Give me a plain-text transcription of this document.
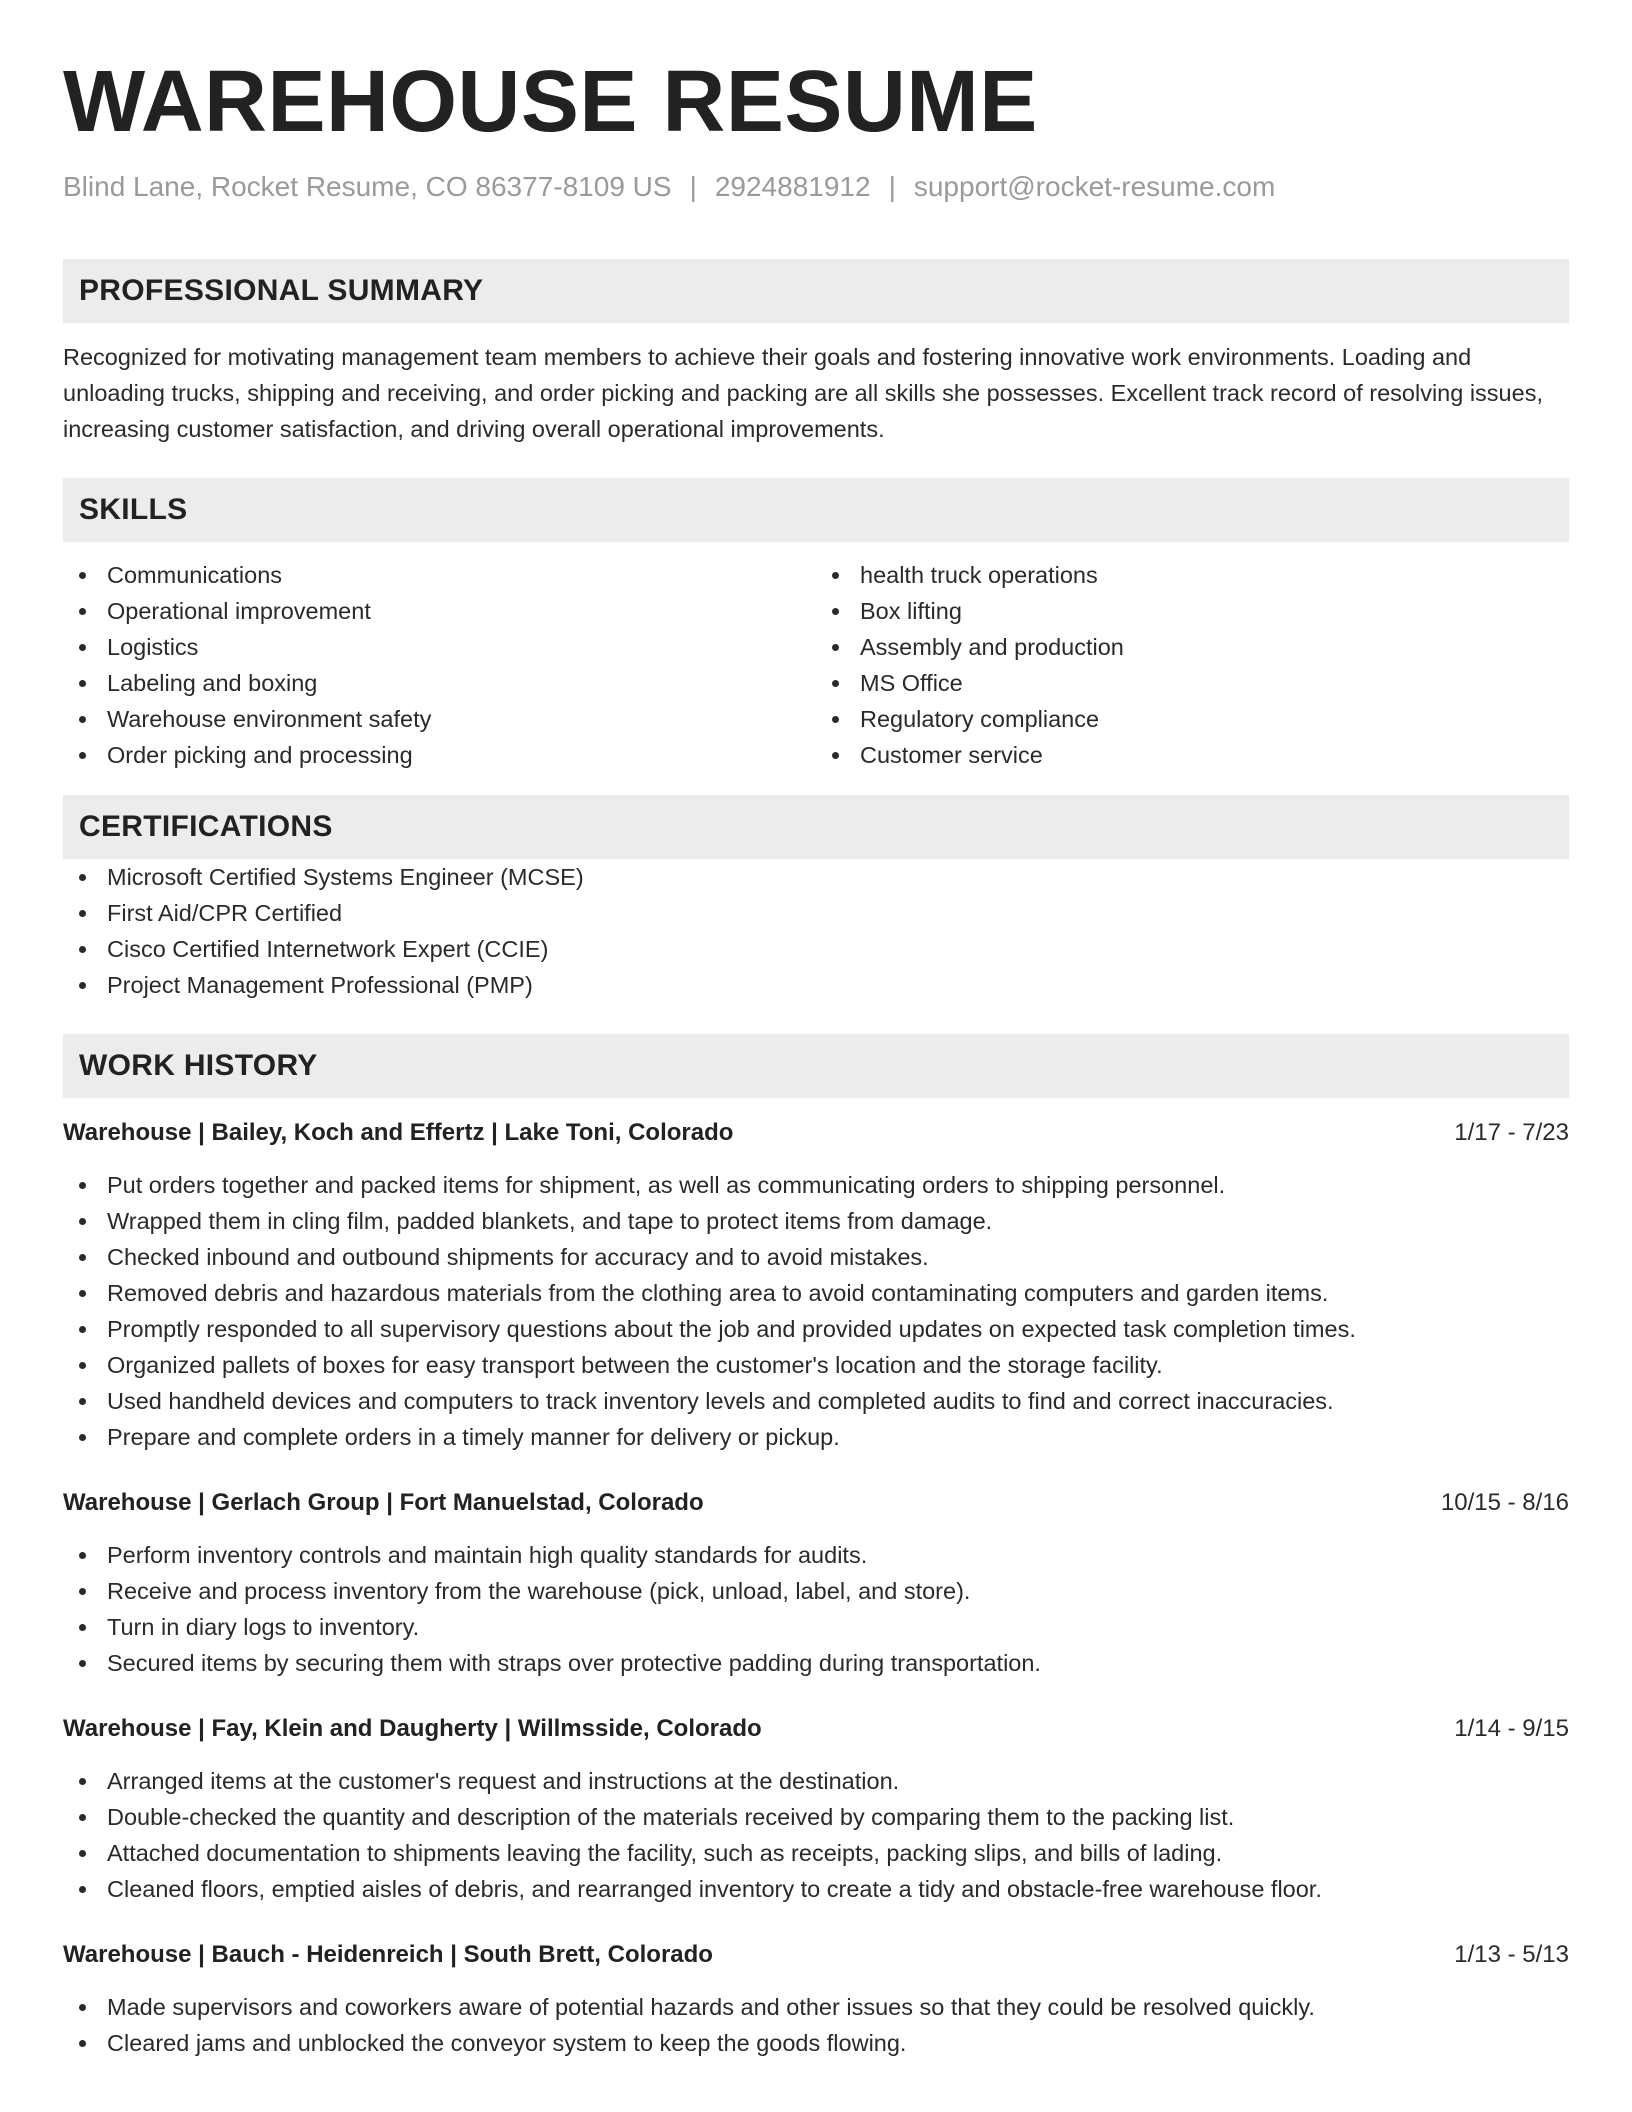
WAREHOUSE RESUME
Blind Lane, Rocket Resume, CO 86377-8109 US | 2924881912 | support@rocket-resume.com
PROFESSIONAL SUMMARY

Recognized for motivating management team members to achieve their goals and fostering innovative work environments. Loading and unloading trucks, shipping and receiving, and order picking and packing are all skills she possesses. Excellent track record of resolving issues, increasing customer satisfaction, and driving overall operational improvements.

SKILLS
Communications
Operational improvement
Logistics
Labeling and boxing
Warehouse environment safety
Order picking and processing
health truck operations
Box lifting
Assembly and production
MS Office
Regulatory compliance
Customer service
CERTIFICATIONS
Microsoft Certified Systems Engineer (MCSE)
First Aid/CPR Certified
Cisco Certified Internetwork Expert (CCIE)
Project Management Professional (PMP)
WORK HISTORY
Warehouse | Bailey, Koch and Effertz | Lake Toni, Colorado	1/17 - 7/23
Put orders together and packed items for shipment, as well as communicating orders to shipping personnel.
Wrapped them in cling film, padded blankets, and tape to protect items from damage.
Checked inbound and outbound shipments for accuracy and to avoid mistakes.
Removed debris and hazardous materials from the clothing area to avoid contaminating computers and garden items.
Promptly responded to all supervisory questions about the job and provided updates on expected task completion times.
Organized pallets of boxes for easy transport between the customer's location and the storage facility.
Used handheld devices and computers to track inventory levels and completed audits to find and correct inaccuracies.
Prepare and complete orders in a timely manner for delivery or pickup.
Warehouse | Gerlach Group | Fort Manuelstad, Colorado	10/15 - 8/16
Perform inventory controls and maintain high quality standards for audits.
Receive and process inventory from the warehouse (pick, unload, label, and store).
Turn in diary logs to inventory.
Secured items by securing them with straps over protective padding during transportation.
Warehouse | Fay, Klein and Daugherty | Willmsside, Colorado	1/14 - 9/15
Arranged items at the customer's request and instructions at the destination.
Double-checked the quantity and description of the materials received by comparing them to the packing list.
Attached documentation to shipments leaving the facility, such as receipts, packing slips, and bills of lading.
Cleaned floors, emptied aisles of debris, and rearranged inventory to create a tidy and obstacle-free warehouse floor.
Warehouse | Bauch - Heidenreich | South Brett, Colorado	1/13 - 5/13
Made supervisors and coworkers aware of potential hazards and other issues so that they could be resolved quickly.
Cleared jams and unblocked the conveyor system to keep the goods flowing.
